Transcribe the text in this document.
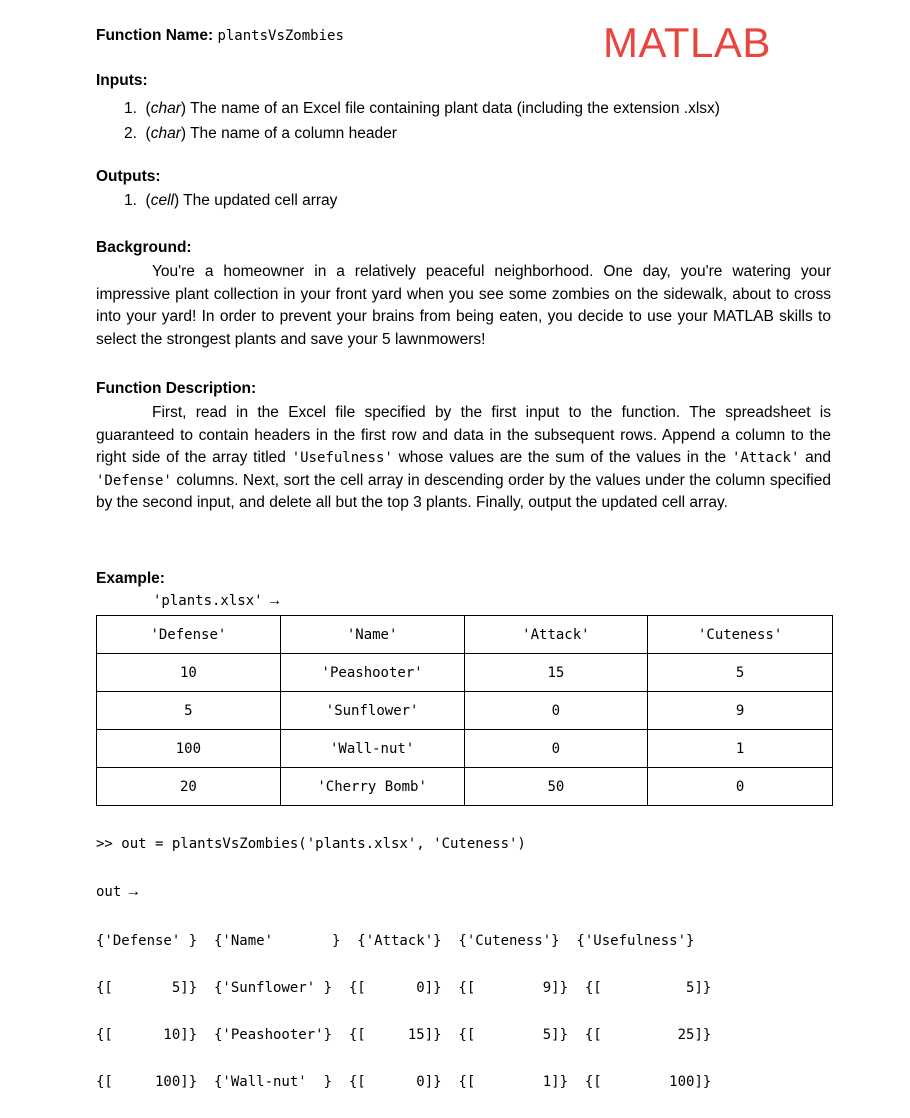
Function Name: plantsVsZombies	MATLAB
Inputs:
1.  (char) The name of an Excel file containing plant data (including the extension .xlsx)
2.  (char) The name of a column header
Outputs:
1.  (cell) The updated cell array
Background:
You're a homeowner in a relatively peaceful neighborhood. One day, you're watering your impressive plant collection in your front yard when you see some zombies on the sidewalk, about to cross into your yard! In order to prevent your brains from being eaten, you decide to use your MATLAB skills to select the strongest plants and save your 5 lawnmowers!
Function Description:
First, read in the Excel file specified by the first input to the function. The spreadsheet is guaranteed to contain headers in the first row and data in the subsequent rows. Append a column to the right side of the array titled 'Usefulness' whose values are the sum of the values in the 'Attack' and 'Defense' columns. Next, sort the cell array in descending order by the values under the column specified by the second input, and delete all but the top 3 plants. Finally, output the updated cell array.
Example:
'plants.xlsx' →
'Defense'	'Name'	'Attack'	'Cuteness'
10	'Peashooter'	15	5
5	'Sunflower'	0	9
100	'Wall-nut'	0	1
20	'Cherry Bomb'	50	0
>> out = plantsVsZombies('plants.xlsx', 'Cuteness')
out →

{'Defense' }  {'Name'       }  {'Attack'}  {'Cuteness'}  {'Usefulness'}

{[       5]}  {'Sunflower' }  {[      0]}  {[        9]}  {[          5]}

{[      10]}  {'Peashooter'}  {[     15]}  {[        5]}  {[         25]}

{[     100]}  {'Wall-nut'  }  {[      0]}  {[        1]}  {[        100]}
